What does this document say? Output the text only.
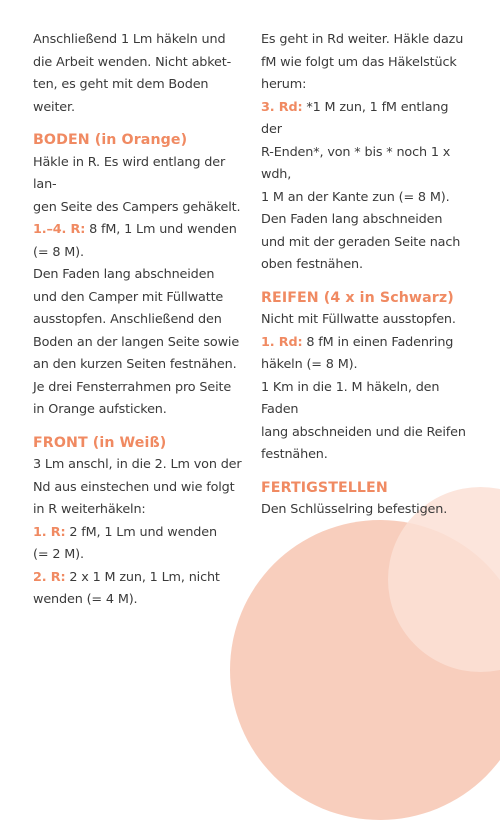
Anschließend 1 Lm häkeln und

die Arbeit wenden. Nicht abket-

ten, es geht mit dem Boden weiter.

BODEN (in Orange)

Häkle in R. Es wird entlang der lan-

gen Seite des Campers gehäkelt.

1.–4. R: 8 fM, 1 Lm und wenden

(= 8 M).

Den Faden lang abschneiden

und den Camper mit Füllwatte

ausstopfen. Anschließend den

Boden an der langen Seite sowie

an den kurzen Seiten festnähen.

Je drei Fensterrahmen pro Seite

in Orange aufsticken.

FRONT (in Weiß)

3 Lm anschl, in die 2. Lm von der

Nd aus einstechen und wie folgt

in R weiterhäkeln:

1. R: 2 fM, 1 Lm und wenden

(= 2 M).

2. R: 2 x 1 M zun, 1 Lm, nicht

wenden (= 4 M).

Es geht in Rd weiter. Häkle dazu

fM wie folgt um das Häkelstück

herum:

3. Rd: *1 M zun, 1 fM entlang der

R-Enden*, von * bis * noch 1 x wdh,

1 M an der Kante zun (= 8 M).

Den Faden lang abschneiden

und mit der geraden Seite nach

oben festnähen.

REIFEN (4 x in Schwarz)

Nicht mit Füllwatte ausstopfen.

1. Rd: 8 fM in einen Fadenring

häkeln (= 8 M).

1 Km in die 1. M häkeln, den Faden

lang abschneiden und die Reifen

festnähen.

FERTIGSTELLEN

Den Schlüsselring befestigen.
